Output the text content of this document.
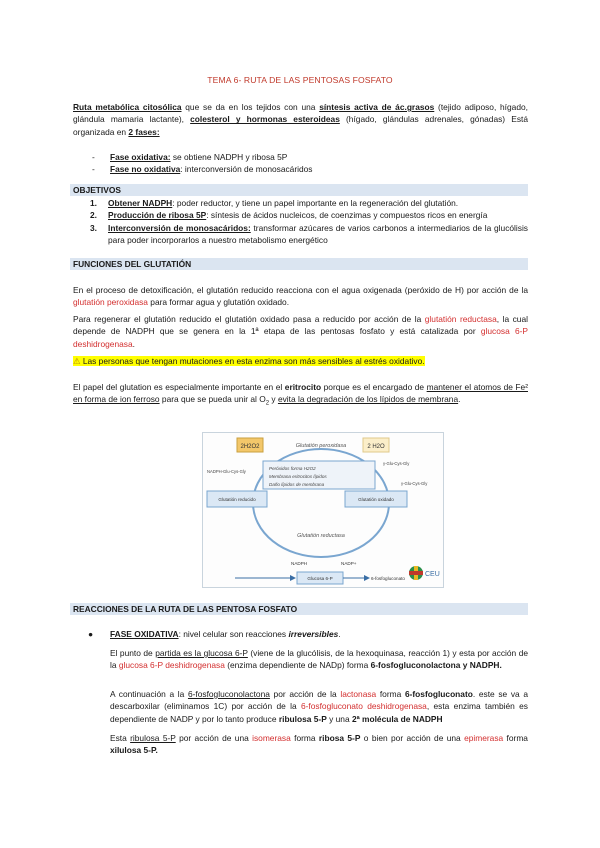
TEMA 6- RUTA DE LAS PENTOSAS FOSFATO
Ruta metabólica citosólica que se da en los tejidos con una síntesis activa de ác.grasos (tejido adiposo, hígado, glándula mamaria lactante), colesterol y hormonas esteroideas (hígado, glándulas adrenales, gónadas) Está organizada en 2 fases:
- Fase oxidativa: se obtiene NADPH y ribosa 5P
- Fase no oxidativa: interconversión de monosacáridos
OBJETIVOS
1. Obtener NADPH: poder reductor, y tiene un papel importante en la regeneración del glutatión.
2. Producción de ribosa 5P: síntesis de ácidos nucleicos, de coenzimas y compuestos ricos en energía
3. Interconversión de monosacáridos: transformar azúcares de varios carbonos a intermediarios de la glucólisis para poder incorporarlos a nuestro metabolismo energético
FUNCIONES DEL GLUTATIÓN
En el proceso de detoxificación, el glutatión reducido reacciona con el agua oxigenada (peróxido de H) por acción de la glutatión peroxidasa para formar agua y glutatión oxidado.
Para regenerar el glutatión reducido el glutatión oxidado pasa a reducido por acción de la glutatión reductasa, la cual depende de NADPH que se genera en la 1ª etapa de las pentosas fosfato y está catalizada por glucosa 6-P deshidrogenasa.
⚠ Las personas que tengan mutaciones en esta enzima son más sensibles al estrés oxidativo.
El papel del glutation es especialmente importante en el eritrocito porque es el encargado de mantener el atomos de Fe² en forma de ion ferroso para que se pueda unir al $O_2$ y evita la degradación de los lípidos de membrana.
2H2O2	2 H2O
Glutatión peroxidasa
Peróxidos forma H2O2
Membrana eritrocitos lípidos
Daño lípidos de membrana
Glutatión reducido	Glutatión oxidado
NADPH-Glu-Cys-Gly
γ-Glu-Cys-Gly
γ-Glu-Cys-Gly
Glutatión reductasa
NADPH	NADP+
Glucosa 6-P	6-fosfogluconato
CEU
REACCIONES DE LA RUTA DE LAS PENTOSA FOSFATO
● FASE OXIDATIVA: nivel celular son reacciones irreversibles.
El punto de partida es la glucosa 6-P (viene de la glucólisis, de la hexoquinasa, reacción 1) y esta por acción de la glucosa 6-P deshidrogenasa (enzima dependiente de NADp) forma 6-fosfogluconolactona y NADPH.
A continuación a la 6-fosfogluconolactona por acción de la lactonasa forma 6-fosfogluconato. este se va a descarboxilar (eliminamos 1C) por acción de la 6-fosfogluconato deshidrogenasa, esta enzima también es dependiente de NADP y por lo tanto produce ribulosa 5-P y una 2ª molécula de NADPH
Esta ribulosa 5-P por acción de una isomerasa forma ribosa 5-P o bien por acción de una epimerasa forma xilulosa 5-P.
